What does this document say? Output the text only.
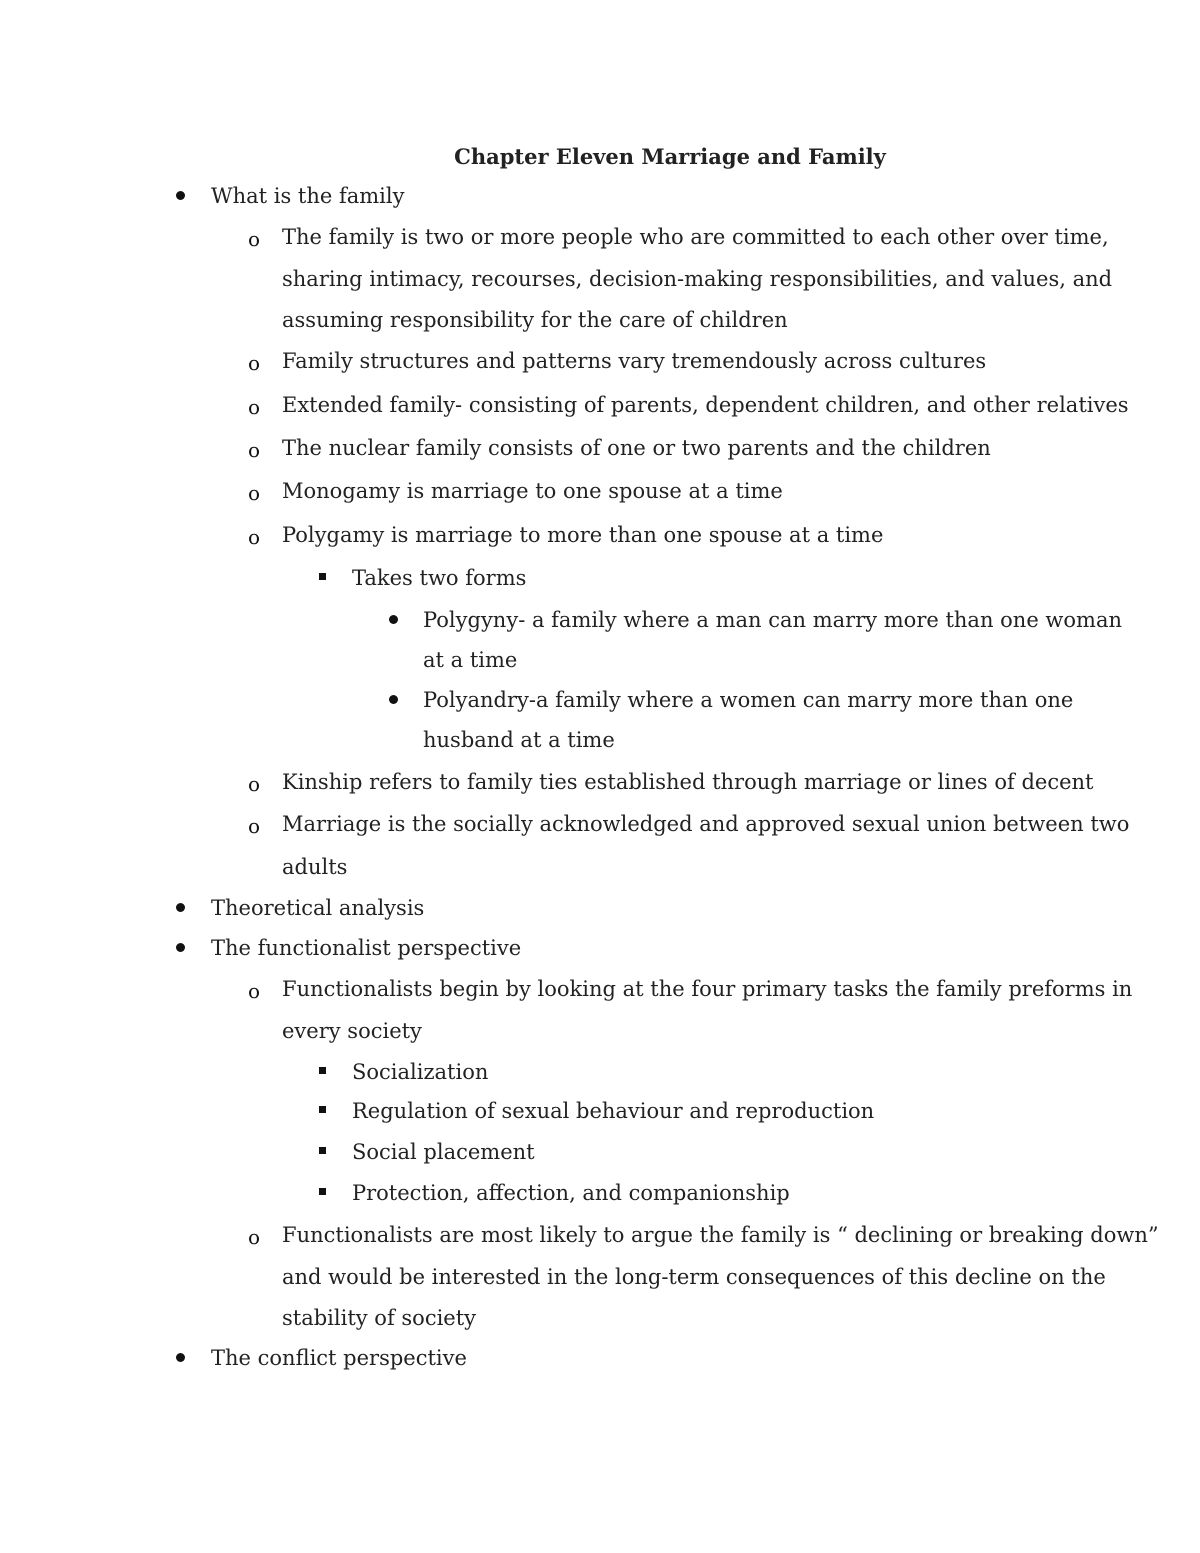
Chapter Eleven Marriage and Family
What is the family
o The family is two or more people who are committed to each other over time,
sharing intimacy, recourses, decision-making responsibilities, and values, and
assuming responsibility for the care of children
o Family structures and patterns vary tremendously across cultures
o Extended family- consisting of parents, dependent children, and other relatives
o The nuclear family consists of one or two parents and the children
o Monogamy is marriage to one spouse at a time
o Polygamy is marriage to more than one spouse at a time
Takes two forms
Polygyny- a family where a man can marry more than one woman
at a time
Polyandry-a family where a women can marry more than one
husband at a time
o Kinship refers to family ties established through marriage or lines of decent
o Marriage is the socially acknowledged and approved sexual union between two
adults
Theoretical analysis
The functionalist perspective
o Functionalists begin by looking at the four primary tasks the family preforms in
every society
Socialization
Regulation of sexual behaviour and reproduction
Social placement
Protection, affection, and companionship
o Functionalists are most likely to argue the family is “ declining or breaking down”
and would be interested in the long-term consequences of this decline on the
stability of society
The conflict perspective
